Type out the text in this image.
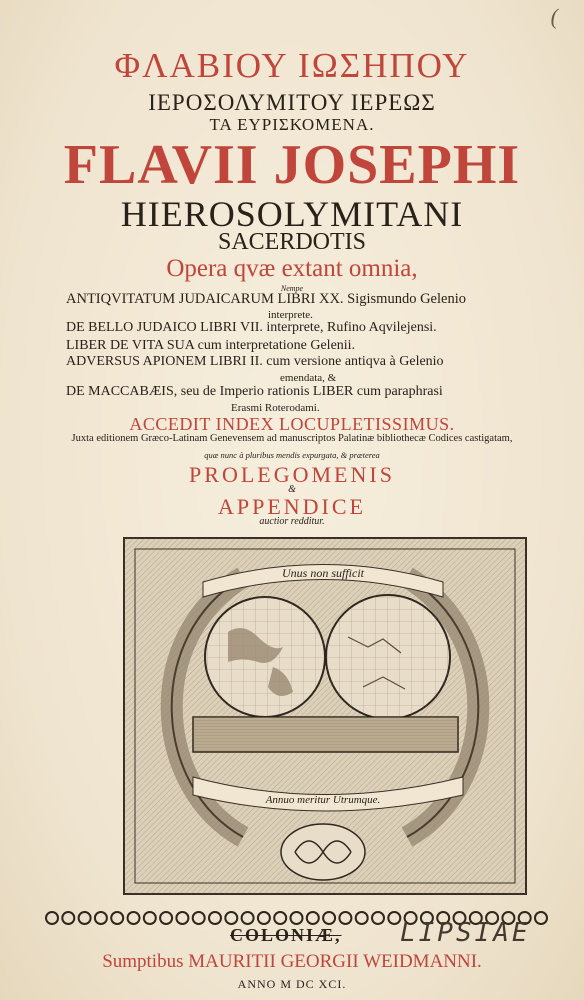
(
ΦΛΑΒΙΟΥ ΙΩΣΗΠΟΥ
ΙΕΡΟΣΟΛΥΜΙΤΟΥ ΙΕΡΕΩΣ
ΤΑ ΕΥΡΙΣΚΟΜΕΝΑ.
FLAVII JOSEPHI
HIEROSOLYMITANI
SACERDOTIS
Opera qvæ extant omnia,
Nempe
ANTIQVITATUM JUDAICARUM LIBRI XX. Sigismundo Gelenio
interprete.
DE BELLO JUDAICO LIBRI VII. interprete, Rufino Aqvilejensi.
LIBER DE VITA SUA cum interpretatione Gelenii.
ADVERSUS APIONEM LIBRI II. cum versione antiqva à Gelenio
emendata, &
DE MACCABÆIS, seu de Imperio rationis LIBER cum paraphrasi
Erasmi Roterodami.
ACCEDIT INDEX LOCUPLETISSIMUS.
Juxta editionem Græco-Latinam Genevensem ad manuscriptos Palatinæ bibliothecæ Codices castigatam,
quæ nunc à pluribus mendis expurgata, & præterea
PROLEGOMENIS
&
APPENDICE
auctior redditur.
Unus non sufficit
Annuo meritur Utrumque.
COLONIÆ, LIPSIAE
Sumptibus MAURITII GEORGII WEIDMANNI.
ANNO M DC XCI.
